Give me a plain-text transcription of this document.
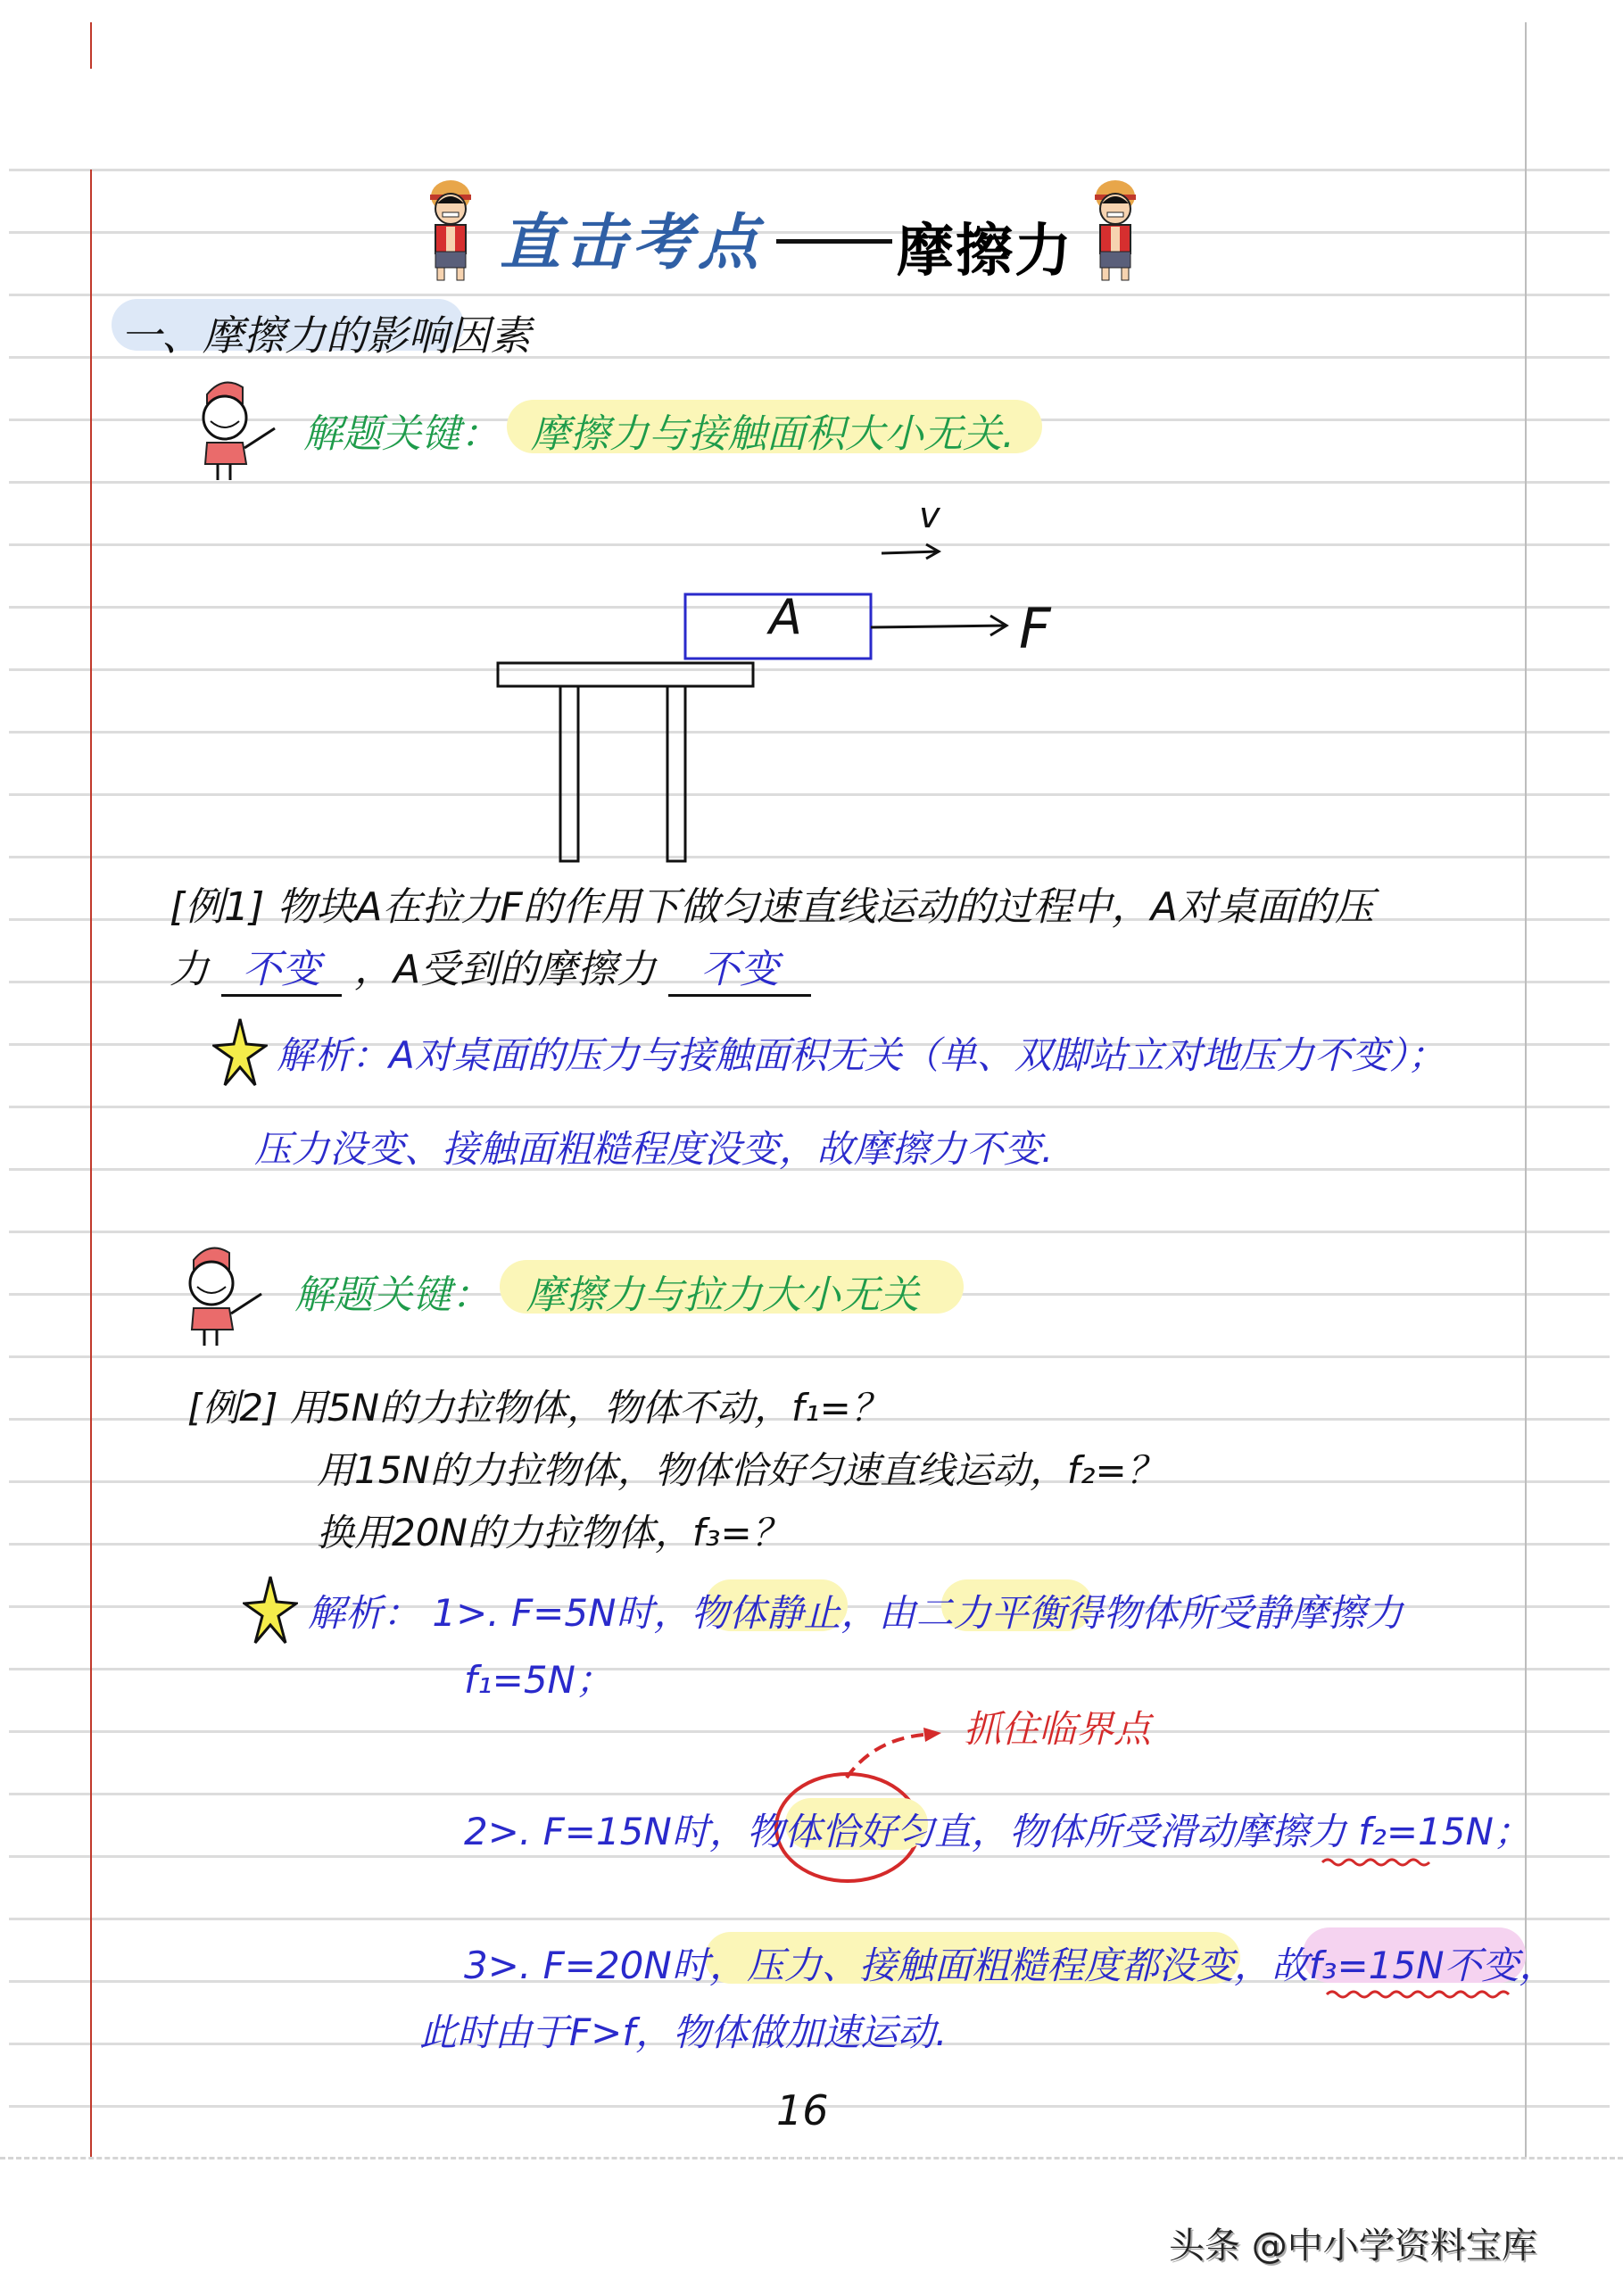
直击考点 摩擦力
一、摩擦力的影响因素
解题关键： 摩擦力与接触面积大小无关.
A
v
F
[例1] 物块A在拉力F的作用下做匀速直线运动的过程中，A对桌面的压
力 不变 ，A受到的摩擦力 不变
解析：A对桌面的压力与接触面积无关（单、双脚站立对地压力不变）；
压力没变、接触面粗糙程度没变，故摩擦力不变.
解题关键： 摩擦力与拉力大小无关
[例2] 用5N的力拉物体，物体不动，f₁=？
用15N的力拉物体，物体恰好匀速直线运动，f₂=？
换用20N的力拉物体，f₃=？
解析： 1>. F=5N时，物体静止，由二力平衡得物体所受静摩擦力
f₁=5N；
抓住临界点
2>. F=15N时，物体恰好匀直，物体所受滑动摩擦力 f₂=15N；
3>. F=20N时，压力、接触面粗糙程度都没变，故f₃=15N不变，
此时由于F>f，物体做加速运动.
16
头条 @中小学资料宝库
